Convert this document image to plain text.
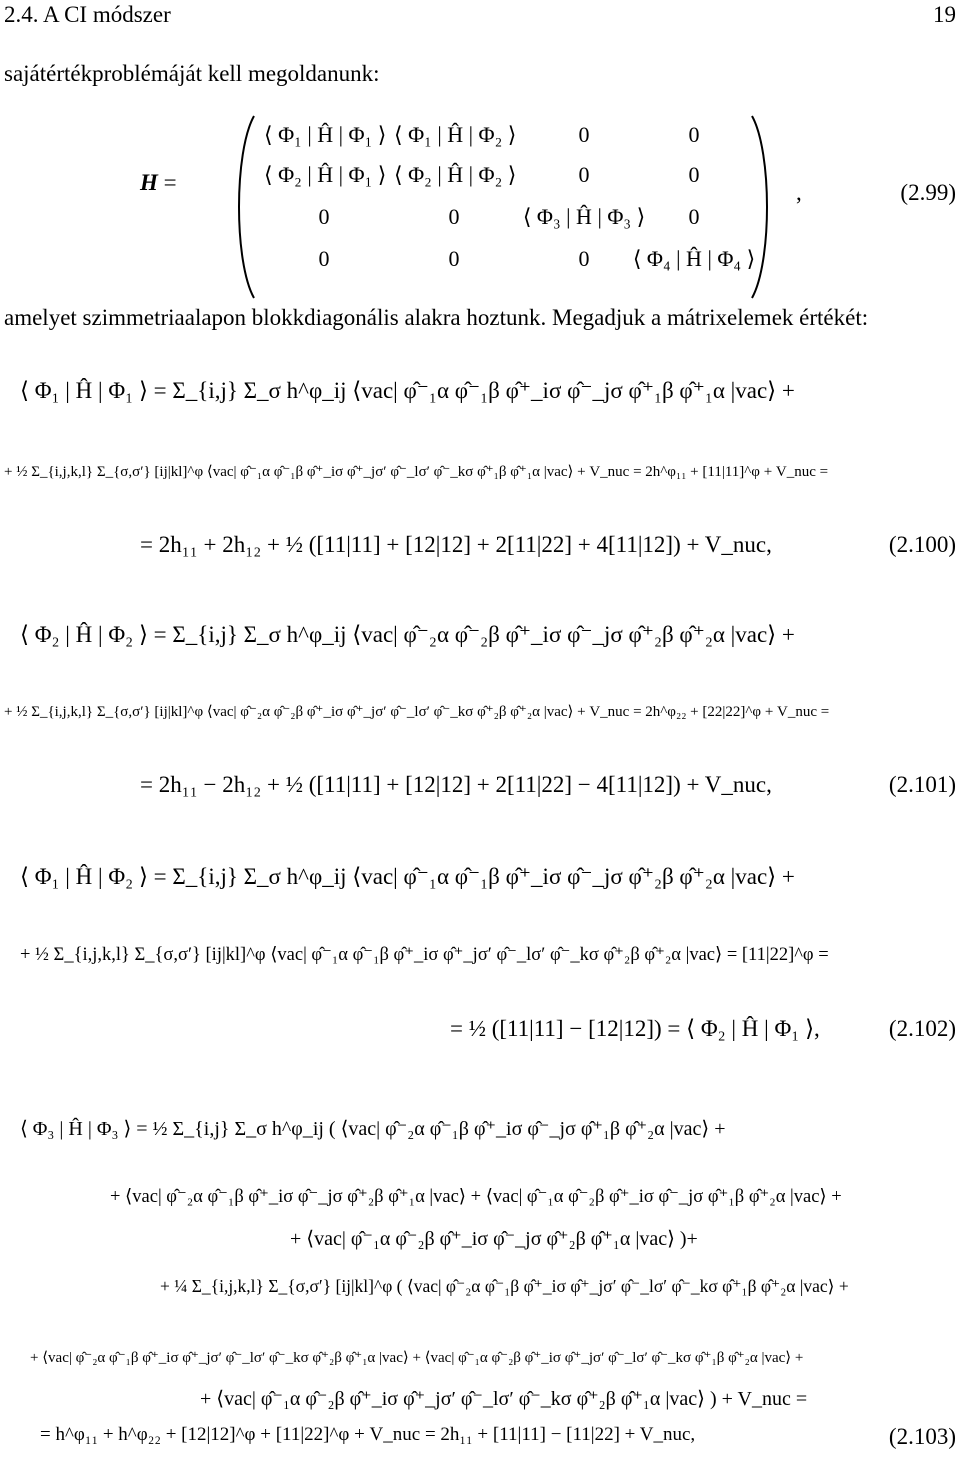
2.4. A CI módszer	19
sajátértékproblémáját kell megoldanunk:
H =
⟨ Φ₁ | Ĥ | Φ₁ ⟩ ⟨ Φ₁ | Ĥ | Φ₂ ⟩	0	0
⟨ Φ₂ | Ĥ | Φ₁ ⟩ ⟨ Φ₂ | Ĥ | Φ₂ ⟩	0	0
0	0	⟨ Φ₃ | Ĥ | Φ₃ ⟩	0
0	0	0	⟨ Φ₄ | Ĥ | Φ₄ ⟩
,	(2.99)
amelyet szimmetriaalapon blokkdiagonális alakra hoztunk. Megadjuk a mátrixelemek értékét:
⟨ Φ₁ | Ĥ | Φ₁ ⟩ = Σ_{i,j} Σ_σ h^φ_ij ⟨vac| φ̂⁻₁α φ̂⁻₁β φ̂⁺_iσ φ̂⁻_jσ φ̂⁺₁β φ̂⁺₁α |vac⟩ +
+ ½ Σ_{i,j,k,l} Σ_{σ,σ′} [ij|kl]^φ ⟨vac| φ̂⁻₁α φ̂⁻₁β φ̂⁺_iσ φ̂⁺_jσ′ φ̂⁻_lσ′ φ̂⁻_kσ φ̂⁺₁β φ̂⁺₁α |vac⟩ + V_nuc = 2h^φ₁₁ + [11|11]^φ + V_nuc =
= 2h₁₁ + 2h₁₂ + ½ ([11|11] + [12|12] + 2[11|22] + 4[11|12]) + V_nuc,	(2.100)
⟨ Φ₂ | Ĥ | Φ₂ ⟩ = Σ_{i,j} Σ_σ h^φ_ij ⟨vac| φ̂⁻₂α φ̂⁻₂β φ̂⁺_iσ φ̂⁻_jσ φ̂⁺₂β φ̂⁺₂α |vac⟩ +
+ ½ Σ_{i,j,k,l} Σ_{σ,σ′} [ij|kl]^φ ⟨vac| φ̂⁻₂α φ̂⁻₂β φ̂⁺_iσ φ̂⁺_jσ′ φ̂⁻_lσ′ φ̂⁻_kσ φ̂⁺₂β φ̂⁺₂α |vac⟩ + V_nuc = 2h^φ₂₂ + [22|22]^φ + V_nuc =
= 2h₁₁ − 2h₁₂ + ½ ([11|11] + [12|12] + 2[11|22] − 4[11|12]) + V_nuc,	(2.101)
⟨ Φ₁ | Ĥ | Φ₂ ⟩ = Σ_{i,j} Σ_σ h^φ_ij ⟨vac| φ̂⁻₁α φ̂⁻₁β φ̂⁺_iσ φ̂⁻_jσ φ̂⁺₂β φ̂⁺₂α |vac⟩ +
+ ½ Σ_{i,j,k,l} Σ_{σ,σ′} [ij|kl]^φ ⟨vac| φ̂⁻₁α φ̂⁻₁β φ̂⁺_iσ φ̂⁺_jσ′ φ̂⁻_lσ′ φ̂⁻_kσ φ̂⁺₂β φ̂⁺₂α |vac⟩ = [11|22]^φ =
= ½ ([11|11] − [12|12]) = ⟨ Φ₂ | Ĥ | Φ₁ ⟩,	(2.102)
⟨ Φ₃ | Ĥ | Φ₃ ⟩ = ½ Σ_{i,j} Σ_σ h^φ_ij ( ⟨vac| φ̂⁻₂α φ̂⁻₁β φ̂⁺_iσ φ̂⁻_jσ φ̂⁺₁β φ̂⁺₂α |vac⟩ +
+ ⟨vac| φ̂⁻₂α φ̂⁻₁β φ̂⁺_iσ φ̂⁻_jσ φ̂⁺₂β φ̂⁺₁α |vac⟩ + ⟨vac| φ̂⁻₁α φ̂⁻₂β φ̂⁺_iσ φ̂⁻_jσ φ̂⁺₁β φ̂⁺₂α |vac⟩ +
+ ⟨vac| φ̂⁻₁α φ̂⁻₂β φ̂⁺_iσ φ̂⁻_jσ φ̂⁺₂β φ̂⁺₁α |vac⟩ )+
+ ¼ Σ_{i,j,k,l} Σ_{σ,σ′} [ij|kl]^φ ( ⟨vac| φ̂⁻₂α φ̂⁻₁β φ̂⁺_iσ φ̂⁺_jσ′ φ̂⁻_lσ′ φ̂⁻_kσ φ̂⁺₁β φ̂⁺₂α |vac⟩ +
+ ⟨vac| φ̂⁻₂α φ̂⁻₁β φ̂⁺_iσ φ̂⁺_jσ′ φ̂⁻_lσ′ φ̂⁻_kσ φ̂⁺₂β φ̂⁺₁α |vac⟩ + ⟨vac| φ̂⁻₁α φ̂⁻₂β φ̂⁺_iσ φ̂⁺_jσ′ φ̂⁻_lσ′ φ̂⁻_kσ φ̂⁺₁β φ̂⁺₂α |vac⟩ +
+ ⟨vac| φ̂⁻₁α φ̂⁻₂β φ̂⁺_iσ φ̂⁺_jσ′ φ̂⁻_lσ′ φ̂⁻_kσ φ̂⁺₂β φ̂⁺₁α |vac⟩ ) + V_nuc =
= h^φ₁₁ + h^φ₂₂ + [12|12]^φ + [11|22]^φ + V_nuc = 2h₁₁ + [11|11] − [11|22] + V_nuc,	(2.103)
